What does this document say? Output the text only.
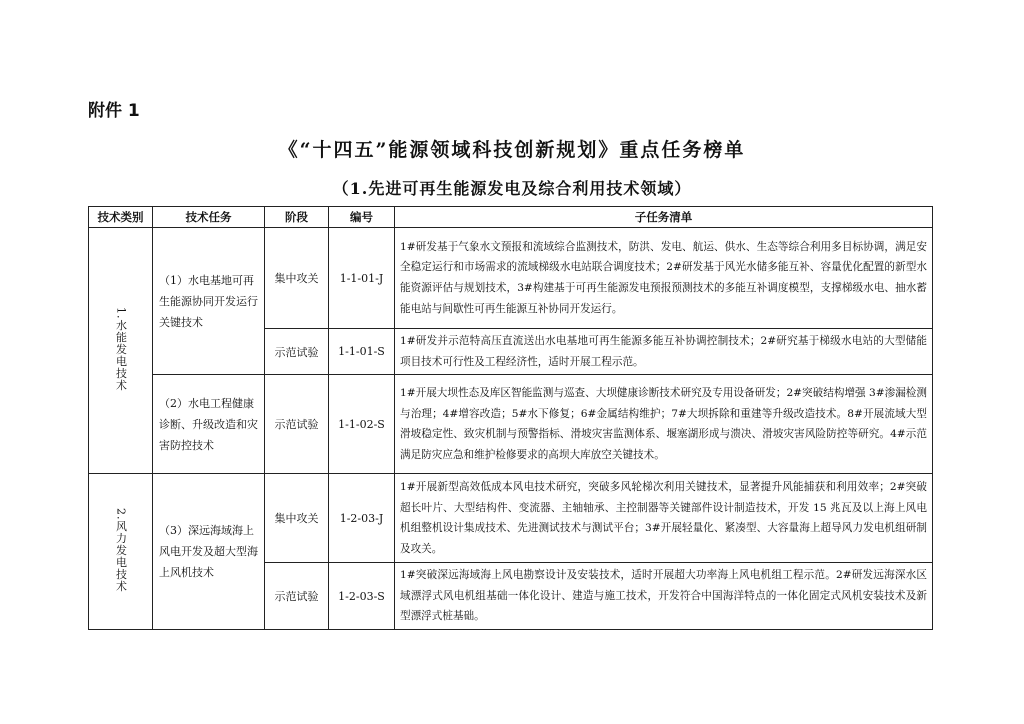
附件 1
《“十四五”能源领域科技创新规划》重点任务榜单
（1.先进可再生能源发电及综合利用技术领域）
技术类别	技术任务	阶段	编号	子任务清单
1.水能发电技术	（1）水电基地可再生能源协同开发运行关键技术	集中攻关	1-1-01-J	1#研发基于气象水文预报和流域综合监测技术，防洪、发电、航运、供水、生态等综合利用多目标协调，满足安全稳定运行和市场需求的流域梯级水电站联合调度技术；2#研发基于风光水储多能互补、容量优化配置的新型水能资源评估与规划技术，3#构建基于可再生能源发电预报预测技术的多能互补调度模型，支撑梯级水电、抽水蓄能电站与间歇性可再生能源互补协同开发运行。
		示范试验	1-1-01-S	1#研发并示范特高压直流送出水电基地可再生能源多能互补协调控制技术；2#研究基于梯级水电站的大型储能项目技术可行性及工程经济性，适时开展工程示范。
	（2）水电工程健康诊断、升级改造和灾害防控技术	示范试验	1-1-02-S	1#开展大坝性态及库区智能监测与巡查、大坝健康诊断技术研究及专用设备研发；2#突破结构增强 3#渗漏检测与治理；4#增容改造；5#水下修复；6#金属结构维护；7#大坝拆除和重建等升级改造技术。8#开展流域大型滑坡稳定性、致灾机制与预警指标、滑坡灾害监测体系、堰塞湖形成与溃决、滑坡灾害风险防控等研究。4#示范满足防灾应急和维护检修要求的高坝大库放空关键技术。
2.风力发电技术	（3）深远海域海上风电开发及超大型海上风机技术	集中攻关	1-2-03-J	1#开展新型高效低成本风电技术研究，突破多风轮梯次利用关键技术，显著提升风能捕获和利用效率；2#突破超长叶片、大型结构件、变流器、主轴轴承、主控制器等关键部件设计制造技术，开发 15 兆瓦及以上海上风电机组整机设计集成技术、先进测试技术与测试平台；3#开展轻量化、紧凑型、大容量海上超导风力发电机组研制及攻关。
		示范试验	1-2-03-S	1#突破深远海域海上风电勘察设计及安装技术，适时开展超大功率海上风电机组工程示范。2#研发远海深水区域漂浮式风电机组基础一体化设计、建造与施工技术，开发符合中国海洋特点的一体化固定式风机安装技术及新型漂浮式桩基础。
